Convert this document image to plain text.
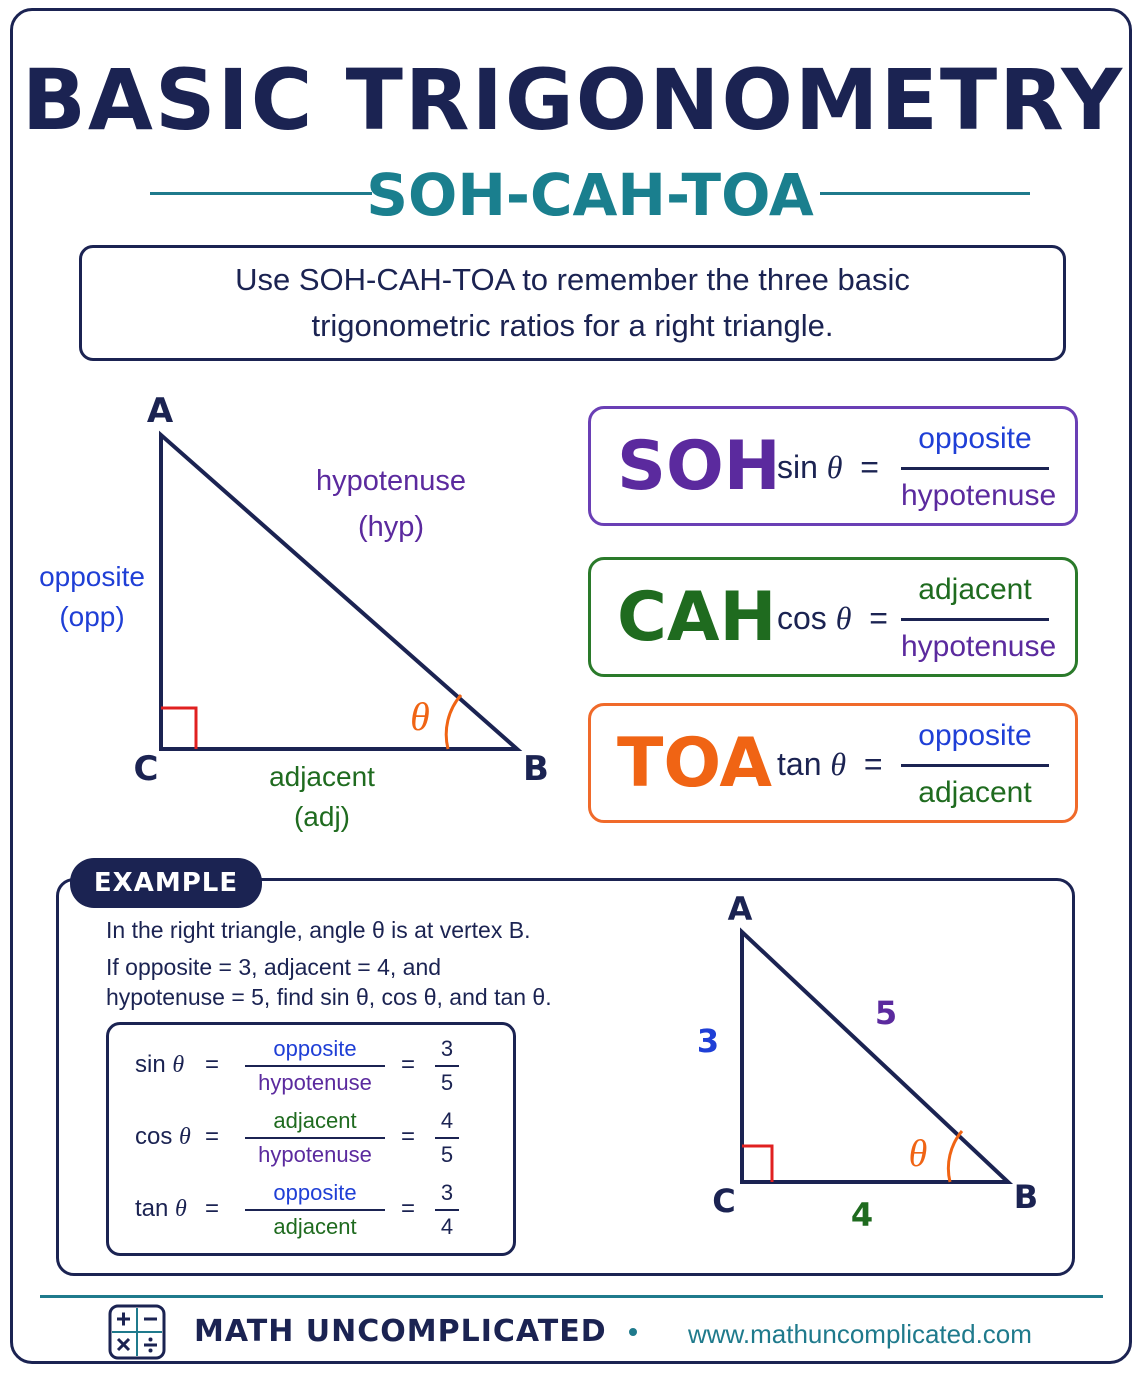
BASIC TRIGONOMETRY
SOH-CAH-TOA
Use SOH-CAH-TOA to remember the three basic trigonometric ratios for a right triangle.
A
C	B
hypotenuse
(hyp)
opposite
(opp)
adjacent
(adj)
θ
SOH
sin θ =
opposite
hypotenuse
CAH cos θ =
adjacent
hypotenuse
TOA tan θ =
opposite
adjacent
EXAMPLE
In the right triangle, angle θ is at vertex B.
If opposite = 3, adjacent = 4, and
hypotenuse = 5, find sin θ, cos θ, and tan θ.
sin θ =
opposite
hypotenuse
=
3
5
cos θ =
adjacent
hypotenuse
=
4
5
tan θ =
opposite
adjacent
=
3
4
A
C	B
3
4
5
θ
MATH UNCOMPLICATED	www.mathuncomplicated.com
